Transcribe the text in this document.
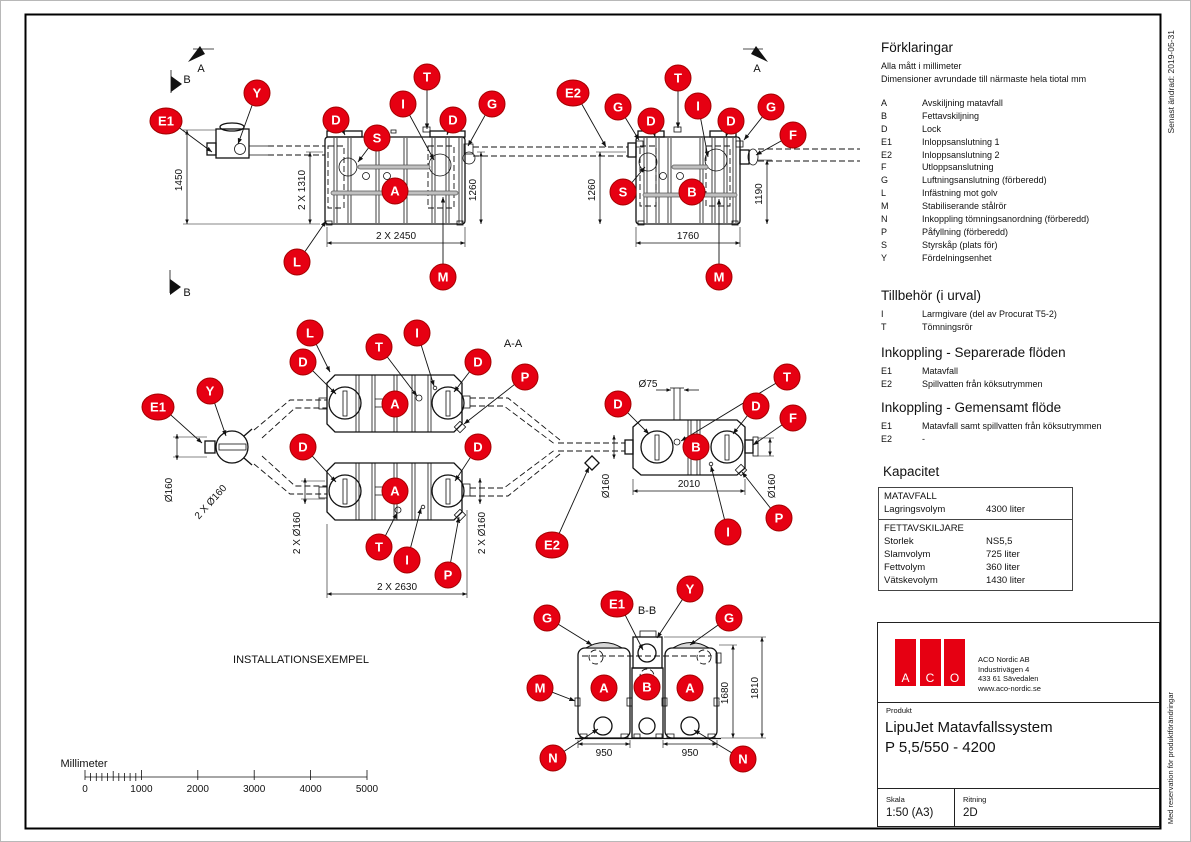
0	1000	2000	3000	4000	5000
A-A
B-B
INSTALLATIONSEXEMPEL
A
B
B
A
Millimeter
1450	2 X 1310	1260
2 X 2450
1260	1190
1760
Ø160 2 X Ø160
2 X Ø160	2 X Ø160
2 X 2630
Ø75
Ø160	2010	Ø160
1680 1810
950	950
E1
Y
D
S
A
I
T
D
G
L
M
E2
G
D
T
I
D
G
F
S	B
M
E1
Y
L
D
T
I
D
P
A
D	D
A
T
I
P
T
D	D
F
B
E2
I
P
G
E1
Y
G
M	A	B	A
N	N
Förklaringar
Alla mått i millimeter
Dimensioner avrundade till närmaste hela tiotal mm
A	Avskiljning matavfall
B	Fettavskiljning
D	Lock
E1	Inloppsanslutning 1
E2	Inloppsanslutning 2
F	Utloppsanslutning
G	Luftningsanslutning (förberedd)
L	Infästning mot golv
M	Stabiliserande stålrör
N	Inkoppling tömningsanordning (förberedd)
P	Påfyllning (förberedd)
S	Styrskåp (plats för)
Y	Fördelningsenhet
Tillbehör (i urval)
I	Larmgivare (del av Procurat T5-2)
T	Tömningsrör
Inkoppling - Separerade flöden
E1	Matavfall
E2	Spillvatten från köksutrymmen
Inkoppling - Gemensamt flöde
E1	Matavfall samt spillvatten från köksutrymmen
E2	-
Kapacitet
MATAVFALL
Lagringsvolym	4300 liter
FETTAVSKILJARE
Storlek	NS5,5
Slamvolym	725 liter
Fettvolym	360 liter
Vätskevolym	1430 liter
A C O
ACO Nordic AB
Industrivägen 4
433 61 Sävedalen
www.aco-nordic.se
Produkt
LipuJet Matavfallssystem
P 5,5/550 - 4200
Skala
1:50 (A3)
Ritning
2D
Senast ändrad: 2019-05-31
Med reservation för produktförändringar
